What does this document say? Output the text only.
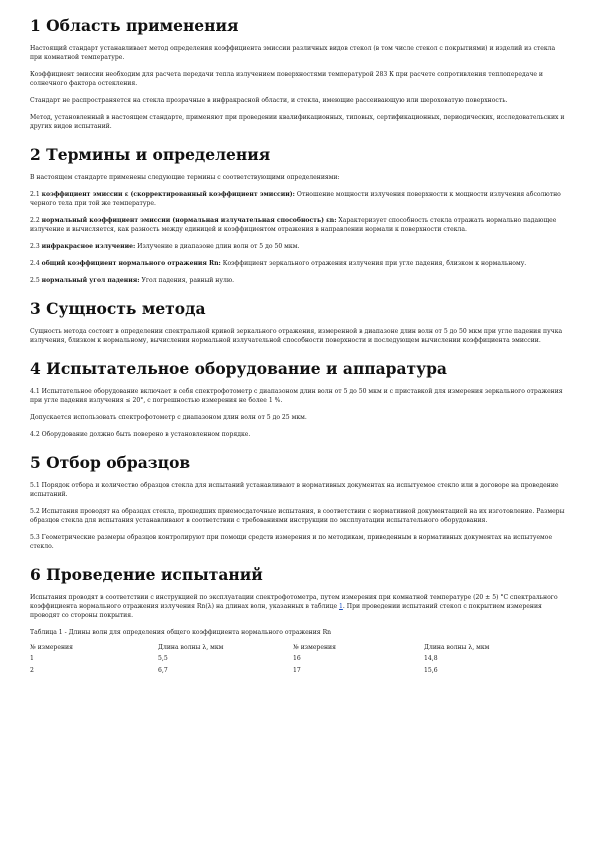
1 Область применения

Настоящий стандарт устанавливает метод определения коэффициента эмиссии различных видов стекол (в том числе стекол с покрытиями) и изделий из стекла при комнатной температуре.

Коэффициент эмиссии необходим для расчета передачи тепла излучением поверхностями температурой 283 К при расчете сопротивления теплопередаче и солнечного фактора остекления.

Стандарт не распространяется на стекла прозрачные в инфракрасной области, и стекла, имеющие рассеивающую или шероховатую поверхность.

Метод, установленный в настоящем стандарте, применяют при проведении квалификационных, типовых, сертификационных, периодических, исследовательских и других видов испытаний.

2 Термины и определения

В настоящем стандарте применены следующие термины с соответствующими определениями:

2.1 коэффициент эмиссии ε (скорректированный коэффициент эмиссии): Отношение мощности излучения поверхности к мощности излучения абсолютно черного тела при той же температуре.

2.2 нормальный коэффициент эмиссии (нормальная излучательная способность) εn: Характеризует способность стекла отражать нормально падающее излучение и вычисляется, как разность между единицей и коэффициентом отражения в направлении нормали к поверхности стекла.

2.3 инфракрасное излучение: Излучение в диапазоне длин волн от 5 до 50 мкм.

2.4 общий коэффициент нормального отражения Rn: Коэффициент зеркального отражения излучения при угле падения, близком к нормальному.

2.5 нормальный угол падения: Угол падения, равный нулю.

3 Сущность метода

Сущность метода состоит в определении спектральной кривой зеркального отражения, измеренной в диапазоне длин волн от 5 до 50 мкм при угле падения пучка излучения, близком к нормальному, вычислении нормальной излучательной способности поверхности и последующем вычислении коэффициента эмиссии.

4 Испытательное оборудование и аппаратура

4.1 Испытательное оборудование включает в себя спектрофотометр с диапазоном длин волн от 5 до 50 мкм и с приставкой для измерения зеркального отражения при угле падения излучения ≤ 20°, с погрешностью измерения не более 1 %.

Допускается использовать спектрофотометр с диапазоном длин волн от 5 до 25 мкм.

4.2 Оборудование должно быть поверено в установленном порядке.

5 Отбор образцов

5.1 Порядок отбора и количество образцов стекла для испытаний устанавливают в нормативных документах на испытуемое стекло или в договоре на проведение испытаний.

5.2 Испытания проводят на образцах стекла, прошедших приемосдаточные испытания, в соответствии с нормативной документацией на их изготовление. Размеры образцов стекла для испытания устанавливают в соответствии с требованиями инструкции по эксплуатации испытательного оборудования.

5.3 Геометрические размеры образцов контролируют при помощи средств измерения и по методикам, приведенным в нормативных документах на испытуемое стекло.

6 Проведение испытаний

Испытания проводят в соответствии с инструкцией по эксплуатации спектрофотометра, путем измерения при комнатной температуре (20 ± 5) °С спектрального коэффициента нормального отражения излучения Rn(λ) на длинах волн, указанных в таблице 1. При проведении испытаний стекол с покрытием измерения проводят со стороны покрытия.

Таблица 1 - Длины волн для определения общего коэффициента нормального отражения Rn
№ измерения	Длина волны λ, мкм	№ измерения	Длина волны λ, мкм
1	5,5	16	14,8
2	6,7	17	15,6
